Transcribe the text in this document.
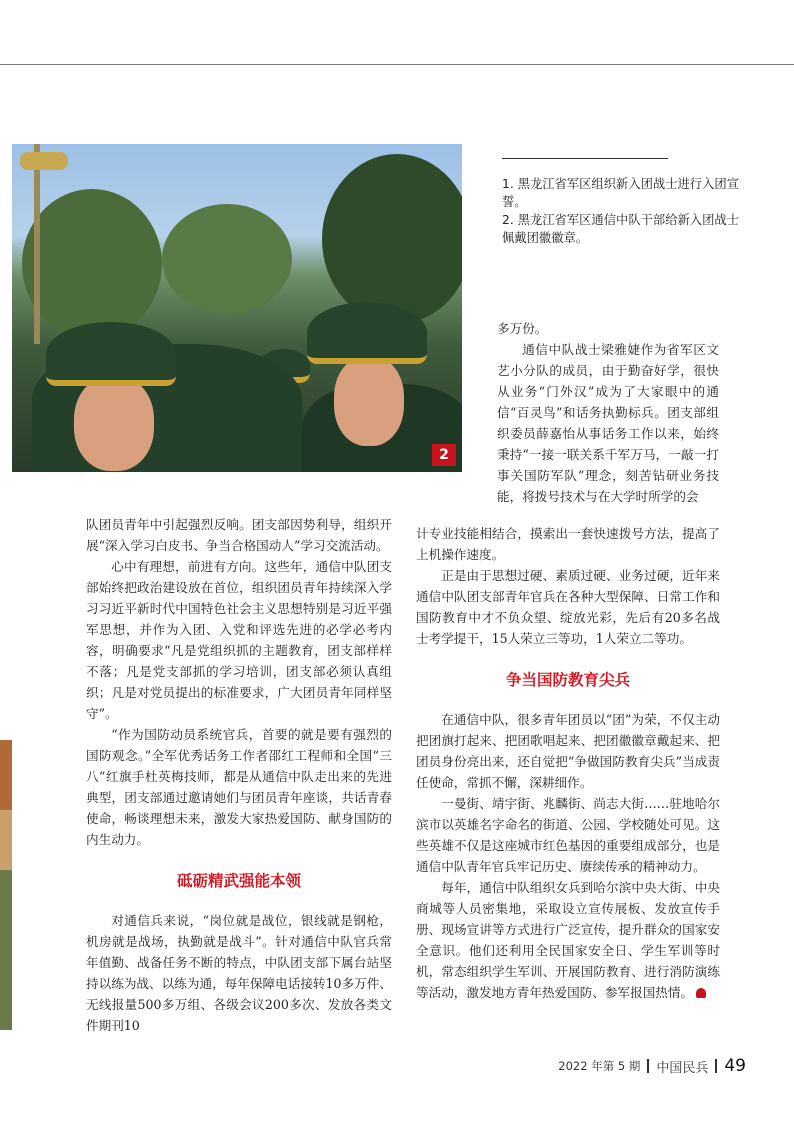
2

1. 黑龙江省军区组织新入团战士进行入团宣誓。

2. 黑龙江省军区通信中队干部给新入团战士佩戴团徽徽章。

多万份。

通信中队战士梁雅婕作为省军区文艺小分队的成员，由于勤奋好学，很快从业务“门外汉”成为了大家眼中的通信“百灵鸟”和话务执勤标兵。团支部组织委员薛嘉怡从事话务工作以来，始终秉持“一接一联关系千军万马，一敲一打事关国防军队”理念，刻苦钻研业务技能，将拨号技术与在大学时所学的会

队团员青年中引起强烈反响。团支部因势利导，组织开展“深入学习白皮书、争当合格国动人”学习交流活动。

心中有理想，前进有方向。这些年，通信中队团支部始终把政治建设放在首位，组织团员青年持续深入学习习近平新时代中国特色社会主义思想特别是习近平强军思想，并作为入团、入党和评选先进的必学必考内容，明确要求“凡是党组织抓的主题教育，团支部样样不落；凡是党支部抓的学习培训，团支部必须认真组织；凡是对党员提出的标准要求，广大团员青年同样坚守”。

“作为国防动员系统官兵，首要的就是要有强烈的国防观念。”全军优秀话务工作者邵红工程师和全国“三八”红旗手杜英梅技师，都是从通信中队走出来的先进典型，团支部通过邀请她们与团员青年座谈，共话青春使命，畅谈理想未来，激发大家热爱国防、献身国防的内生动力。

砥砺精武强能本领

对通信兵来说，“岗位就是战位，银线就是钢枪，机房就是战场，执勤就是战斗”。针对通信中队官兵常年值勤、战备任务不断的特点，中队团支部下属台站坚持以练为战、以练为通，每年保障电话接转10多万件、无线报量500多万组、各级会议200多次、发放各类文件期刊10

计专业技能相结合，摸索出一套快速拨号方法，提高了上机操作速度。

正是由于思想过硬、素质过硬、业务过硬，近年来通信中队团支部青年官兵在各种大型保障、日常工作和国防教育中才不负众望、绽放光彩，先后有20多名战士考学提干，15人荣立三等功，1人荣立二等功。

争当国防教育尖兵

在通信中队，很多青年团员以“团”为荣，不仅主动把团旗打起来、把团歌唱起来、把团徽徽章戴起来、把团员身份亮出来，还自觉把“争做国防教育尖兵”当成责任使命，常抓不懈，深耕细作。

一曼街、靖宇街、兆麟街、尚志大街……驻地哈尔滨市以英雄名字命名的街道、公园、学校随处可见。这些英雄不仅是这座城市红色基因的重要组成部分，也是通信中队青年官兵牢记历史、赓续传承的精神动力。

每年，通信中队组织女兵到哈尔滨中央大街、中央商城等人员密集地，采取设立宣传展板、发放宣传手册、现场宣讲等方式进行广泛宣传，提升群众的国家安全意识。他们还利用全民国家安全日、学生军训等时机，常态组织学生军训、开展国防教育、进行消防演练等活动，激发地方青年热爱国防、参军报国热情。

2022 年第 5 期 中国民兵 49
